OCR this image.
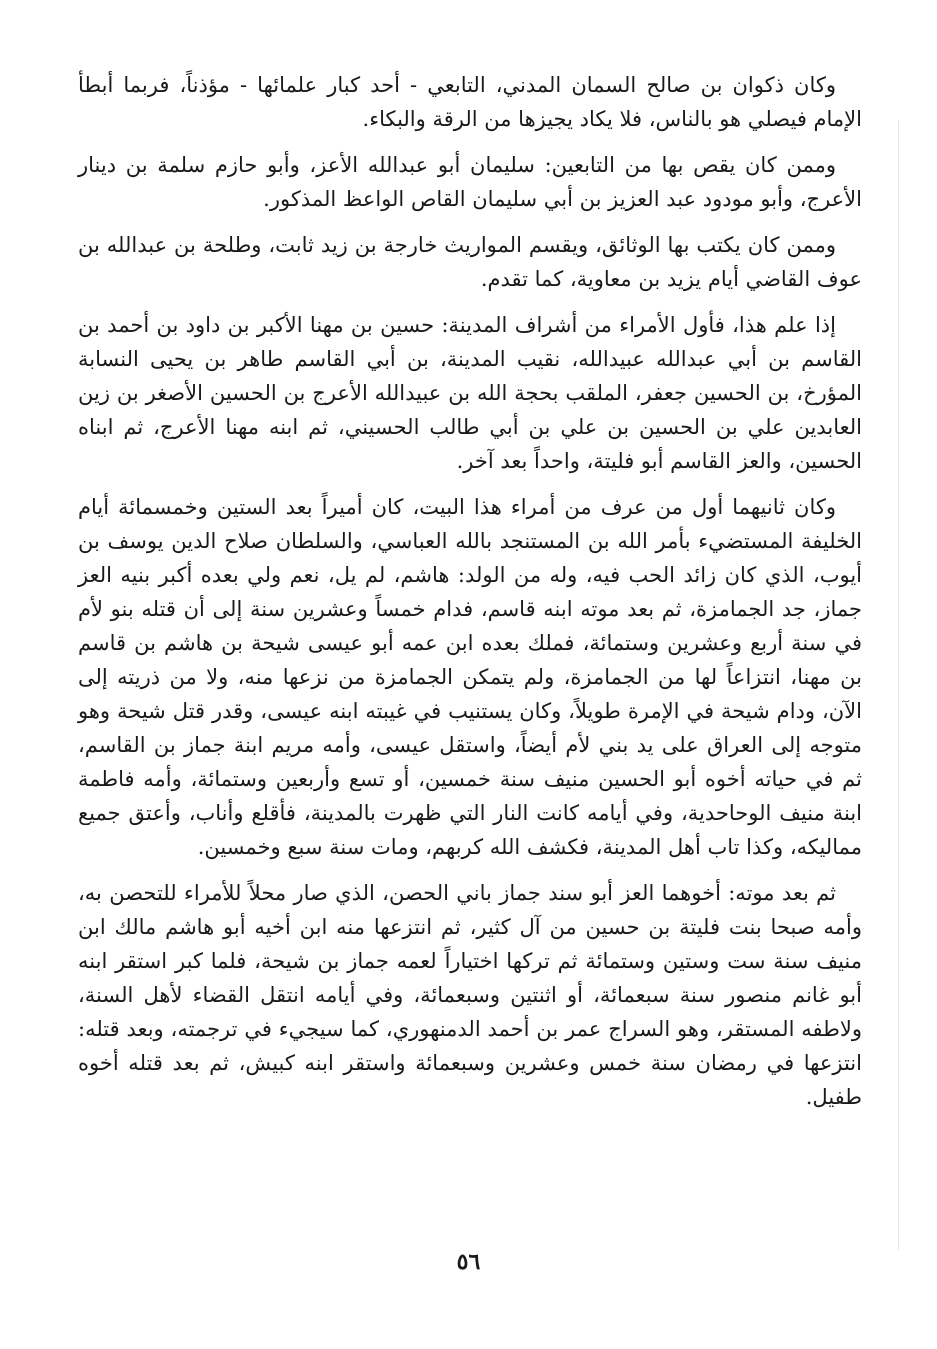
وكان ذكوان بن صالح السمان المدني، التابعي - أحد كبار علمائها - مؤذناً، فربما أبطأ الإمام فيصلي هو بالناس، فلا يكاد يجيزها من الرقة والبكاء.

وممن كان يقص بها من التابعين: سليمان أبو عبدالله الأعز، وأبو حازم سلمة بن دينار الأعرج، وأبو مودود عبد العزيز بن أبي سليمان القاص الواعظ المذكور.

وممن كان يكتب بها الوثائق، ويقسم المواريث خارجة بن زيد ثابت، وطلحة بن عبدالله بن عوف القاضي أيام يزيد بن معاوية، كما تقدم.

إذا علم هذا، فأول الأمراء من أشراف المدينة: حسين بن مهنا الأكبر بن داود بن أحمد بن القاسم بن أبي عبدالله عبيدالله، نقيب المدينة، بن أبي القاسم طاهر بن يحيى النسابة المؤرخ، بن الحسين جعفر، الملقب بحجة الله بن عبيدالله الأعرج بن الحسين الأصغر بن زين العابدين علي بن الحسين بن علي بن أبي طالب الحسيني، ثم ابنه مهنا الأعرج، ثم ابناه الحسين، والعز القاسم أبو فليتة، واحداً بعد آخر.

وكان ثانيهما أول من عرف من أمراء هذا البيت، كان أميراً بعد الستين وخمسمائة أيام الخليفة المستضيء بأمر الله بن المستنجد بالله العباسي، والسلطان صلاح الدين يوسف بن أيوب، الذي كان زائد الحب فيه، وله من الولد: هاشم، لم يل، نعم ولي بعده أكبر بنيه العز جماز، جد الجمامزة، ثم بعد موته ابنه قاسم، فدام خمساً وعشرين سنة إلى أن قتله بنو لأم في سنة أربع وعشرين وستمائة، فملك بعده ابن عمه أبو عيسى شيحة بن هاشم بن قاسم بن مهنا، انتزاعاً لها من الجمامزة، ولم يتمكن الجمامزة من نزعها منه، ولا من ذريته إلى الآن، ودام شيحة في الإمرة طويلاً، وكان يستنيب في غيبته ابنه عيسى، وقدر قتل شيحة وهو متوجه إلى العراق على يد بني لأم أيضاً، واستقل عيسى، وأمه مريم ابنة جماز بن القاسم، ثم في حياته أخوه أبو الحسين منيف سنة خمسين، أو تسع وأربعين وستمائة، وأمه فاطمة ابنة منيف الوحاحدية، وفي أيامه كانت النار التي ظهرت بالمدينة، فأقلع وأناب، وأعتق جميع مماليكه، وكذا تاب أهل المدينة، فكشف الله كربهم، ومات سنة سبع وخمسين.

ثم بعد موته: أخوهما العز أبو سند جماز باني الحصن، الذي صار محلاً للأمراء للتحصن به، وأمه صبحا بنت فليتة بن حسين من آل كثير، ثم انتزعها منه ابن أخيه أبو هاشم مالك ابن منيف سنة ست وستين وستمائة ثم تركها اختياراً لعمه جماز بن شيحة، فلما كبر استقر ابنه أبو غانم منصور سنة سبعمائة، أو اثنتين وسبعمائة، وفي أيامه انتقل القضاء لأهل السنة، ولاطفه المستقر، وهو السراج عمر بن أحمد الدمنهوري، كما سيجيء في ترجمته، وبعد قتله: انتزعها في رمضان سنة خمس وعشرين وسبعمائة واستقر ابنه كبيش، ثم بعد قتله أخوه طفيل.

٥٦
